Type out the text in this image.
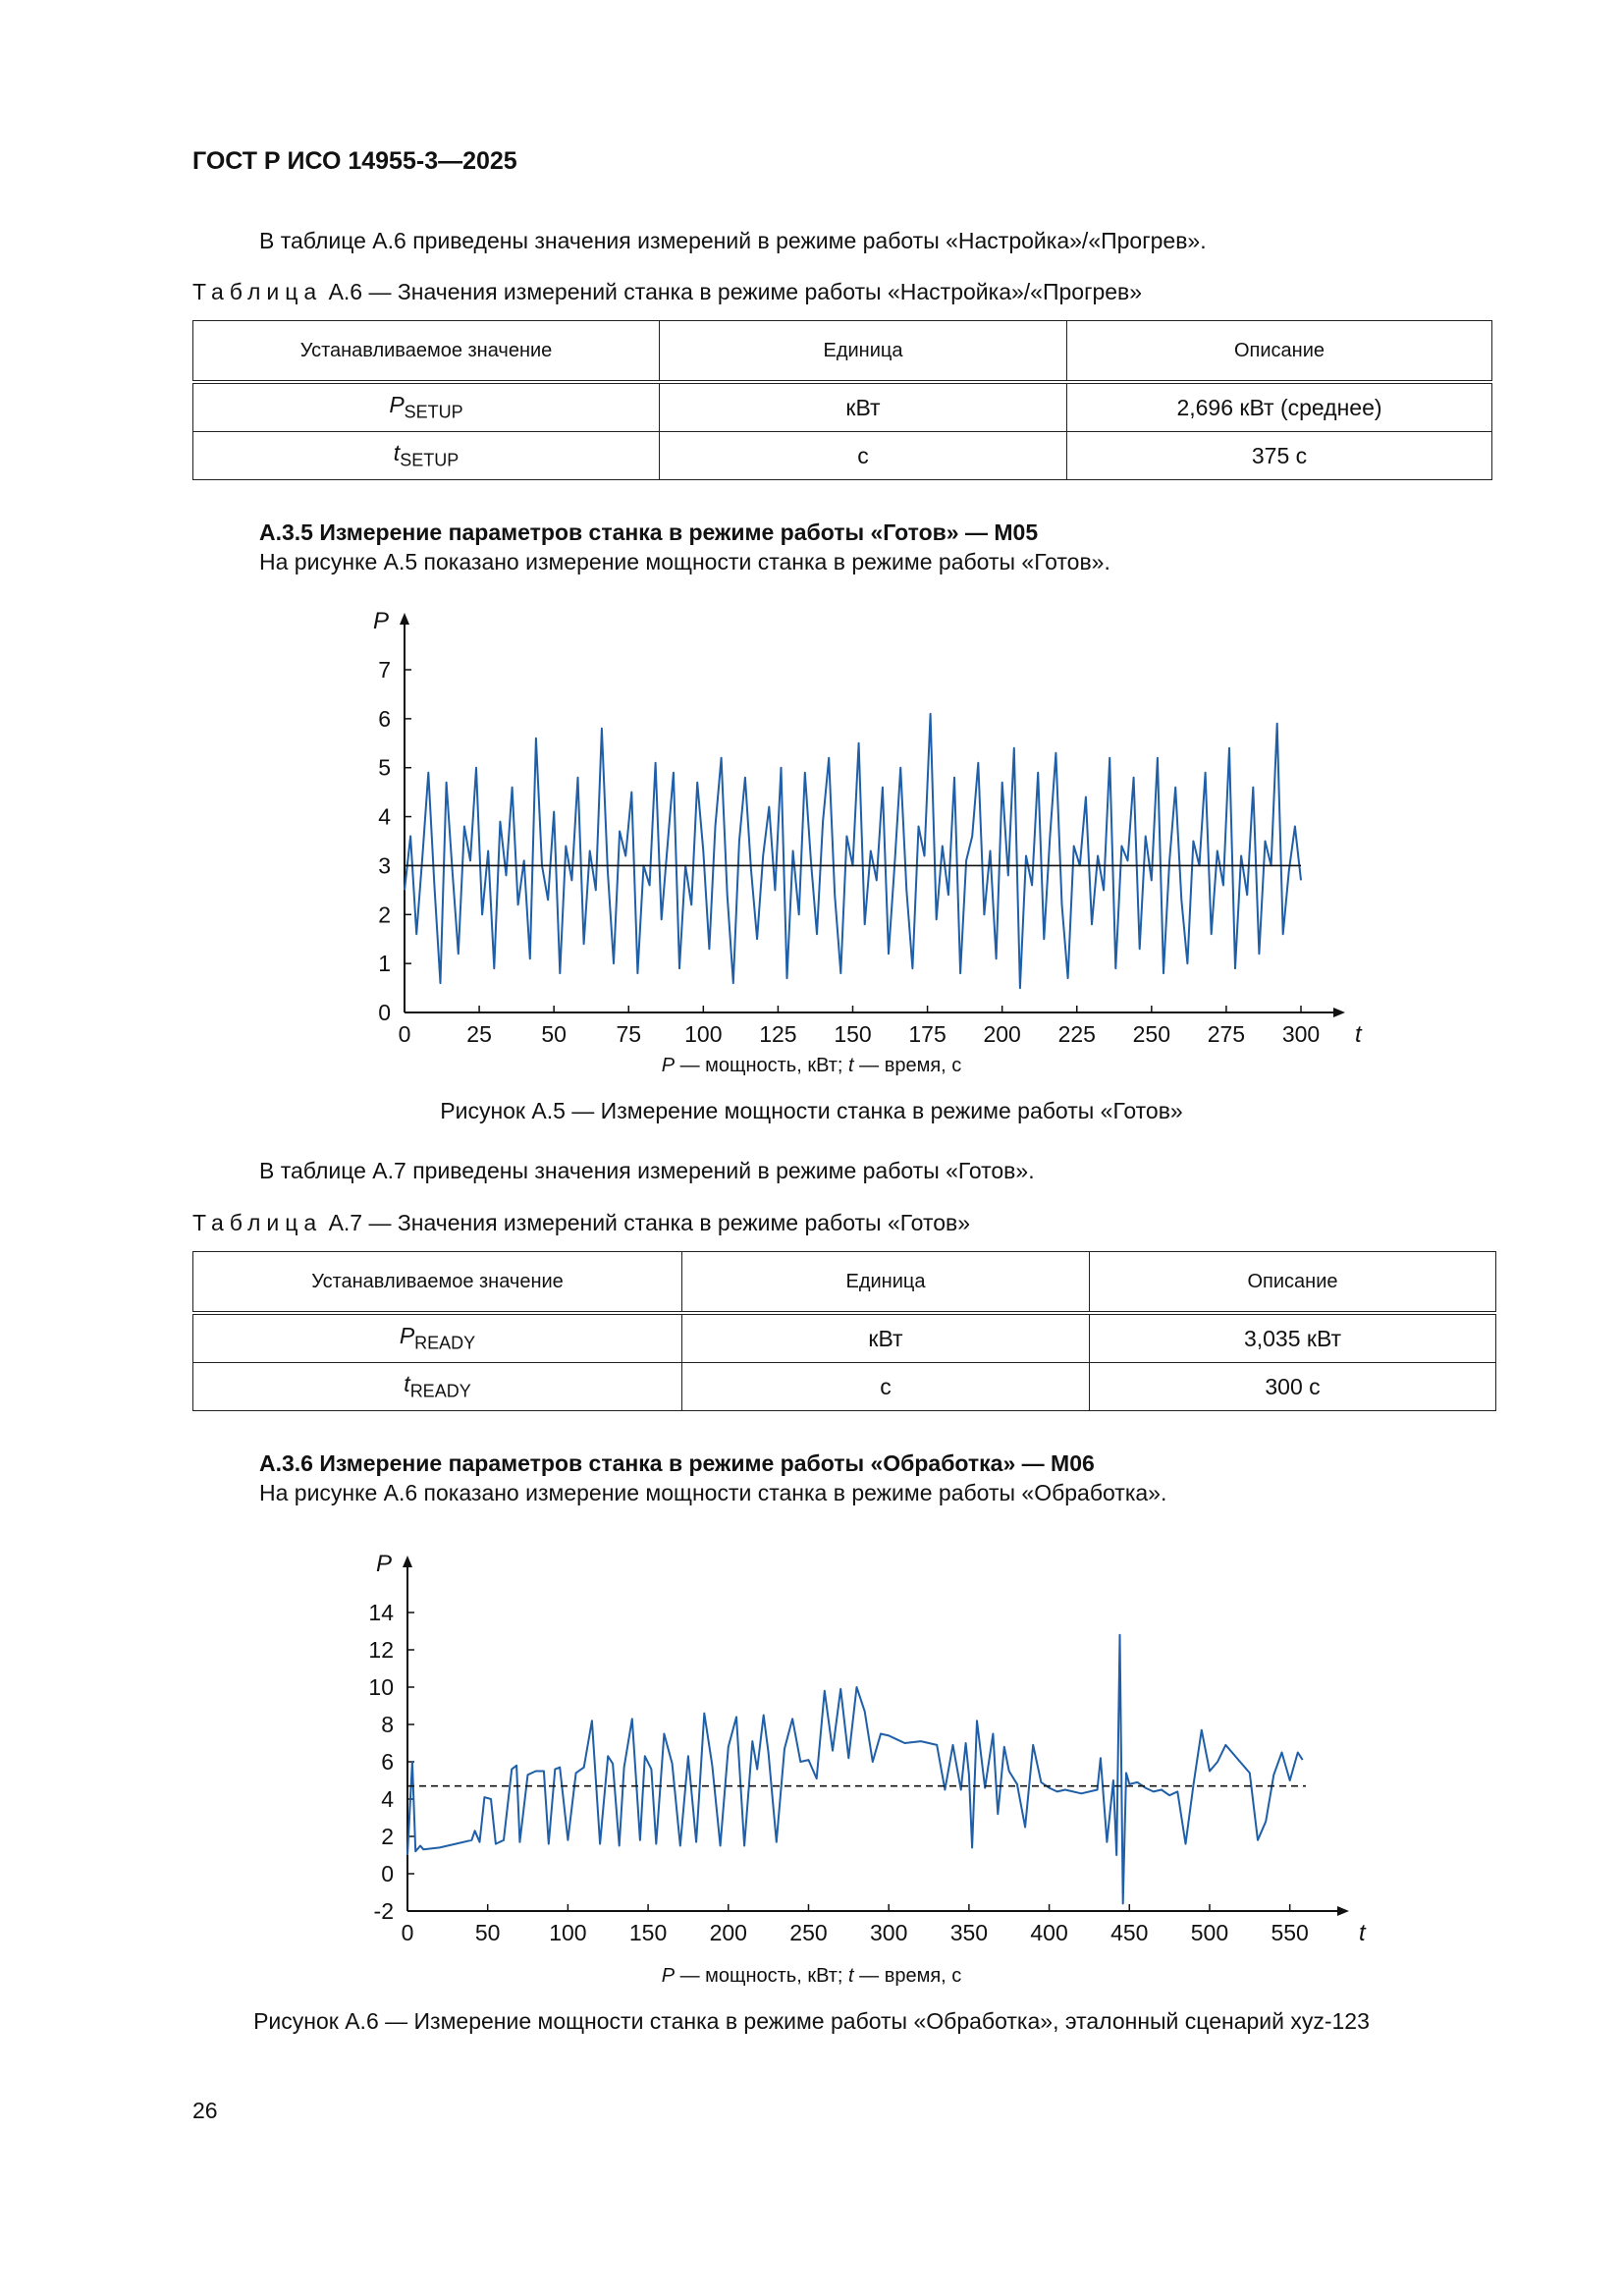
ГОСТ Р ИСО 14955-3—2025
В таблице А.6 приведены значения измерений в режиме работы «Настройка»/«Прогрев».
Таблица А.6 — Значения измерений станка в режиме работы «Настройка»/«Прогрев»
Устанавливаемое значение	Единица	Описание
$P_{SETUP}$	кВт	2,696 кВт (среднее)
$t_{SETUP}$	с	375 с
А.3.5 Измерение параметров станка в режиме работы «Готов» — М05
На рисунке А.5 показано измерение мощности станка в режиме работы «Готов».
0 25 50 75 100 125 150 175 200 225 250 275 300
0
1
2
3
4
5
6
7
P
t
P — мощность, кВт; t — время, с
Рисунок А.5 — Измерение мощности станка в режиме работы «Готов»
В таблице А.7 приведены значения измерений в режиме работы «Готов».
Таблица А.7 — Значения измерений станка в режиме работы «Готов»
Устанавливаемое значение	Единица	Описание
$P_{READY}$	кВт	3,035 кВт
$t_{READY}$	с	300 с
А.3.6 Измерение параметров станка в режиме работы «Обработка» — М06
На рисунке А.6 показано измерение мощности станка в режиме работы «Обработка».
0	50 100 150 200 250 300 350 400 450 500 550
-2
0
2
4
6
8
10
12
14
P
t
P — мощность, кВт; t — время, с
Рисунок А.6 — Измерение мощности станка в режиме работы «Обработка», эталонный сценарий xyz-123
26
